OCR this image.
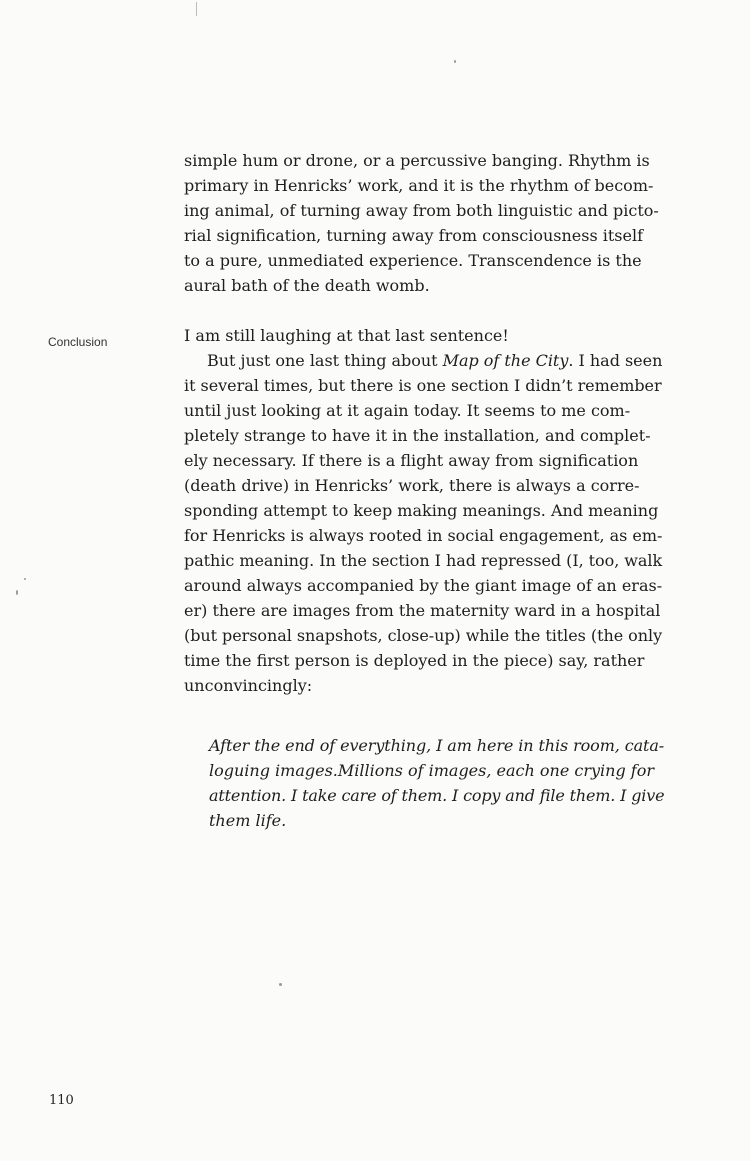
simple hum or drone, or a percussive banging. Rhythm is
primary in Henricks’ work, and it is the rhythm of becom-
ing animal, of turning away from both linguistic and picto-
rial signification, turning away from consciousness itself
to a pure, unmediated experience. Transcendence is the
aural bath of the death womb.
Conclusion	I am still laughing at that last sentence!
But just one last thing about Map of the City. I had seen
it several times, but there is one section I didn’t remember
until just looking at it again today. It seems to me com-
pletely strange to have it in the installation, and complet-
ely necessary. If there is a flight away from signification
(death drive) in Henricks’ work, there is always a corre-
sponding attempt to keep making meanings. And meaning
for Henricks is always rooted in social engagement, as em-
pathic meaning. In the section I had repressed (I, too, walk
around always accompanied by the giant image of an eras-
er) there are images from the maternity ward in a hospital
(but personal snapshots, close-up) while the titles (the only
time the first person is deployed in the piece) say, rather
unconvincingly:
After the end of everything, I am here in this room, cata-
loguing images.Millions of images, each one crying for
attention. I take care of them. I copy and file them. I give
them life.
110
